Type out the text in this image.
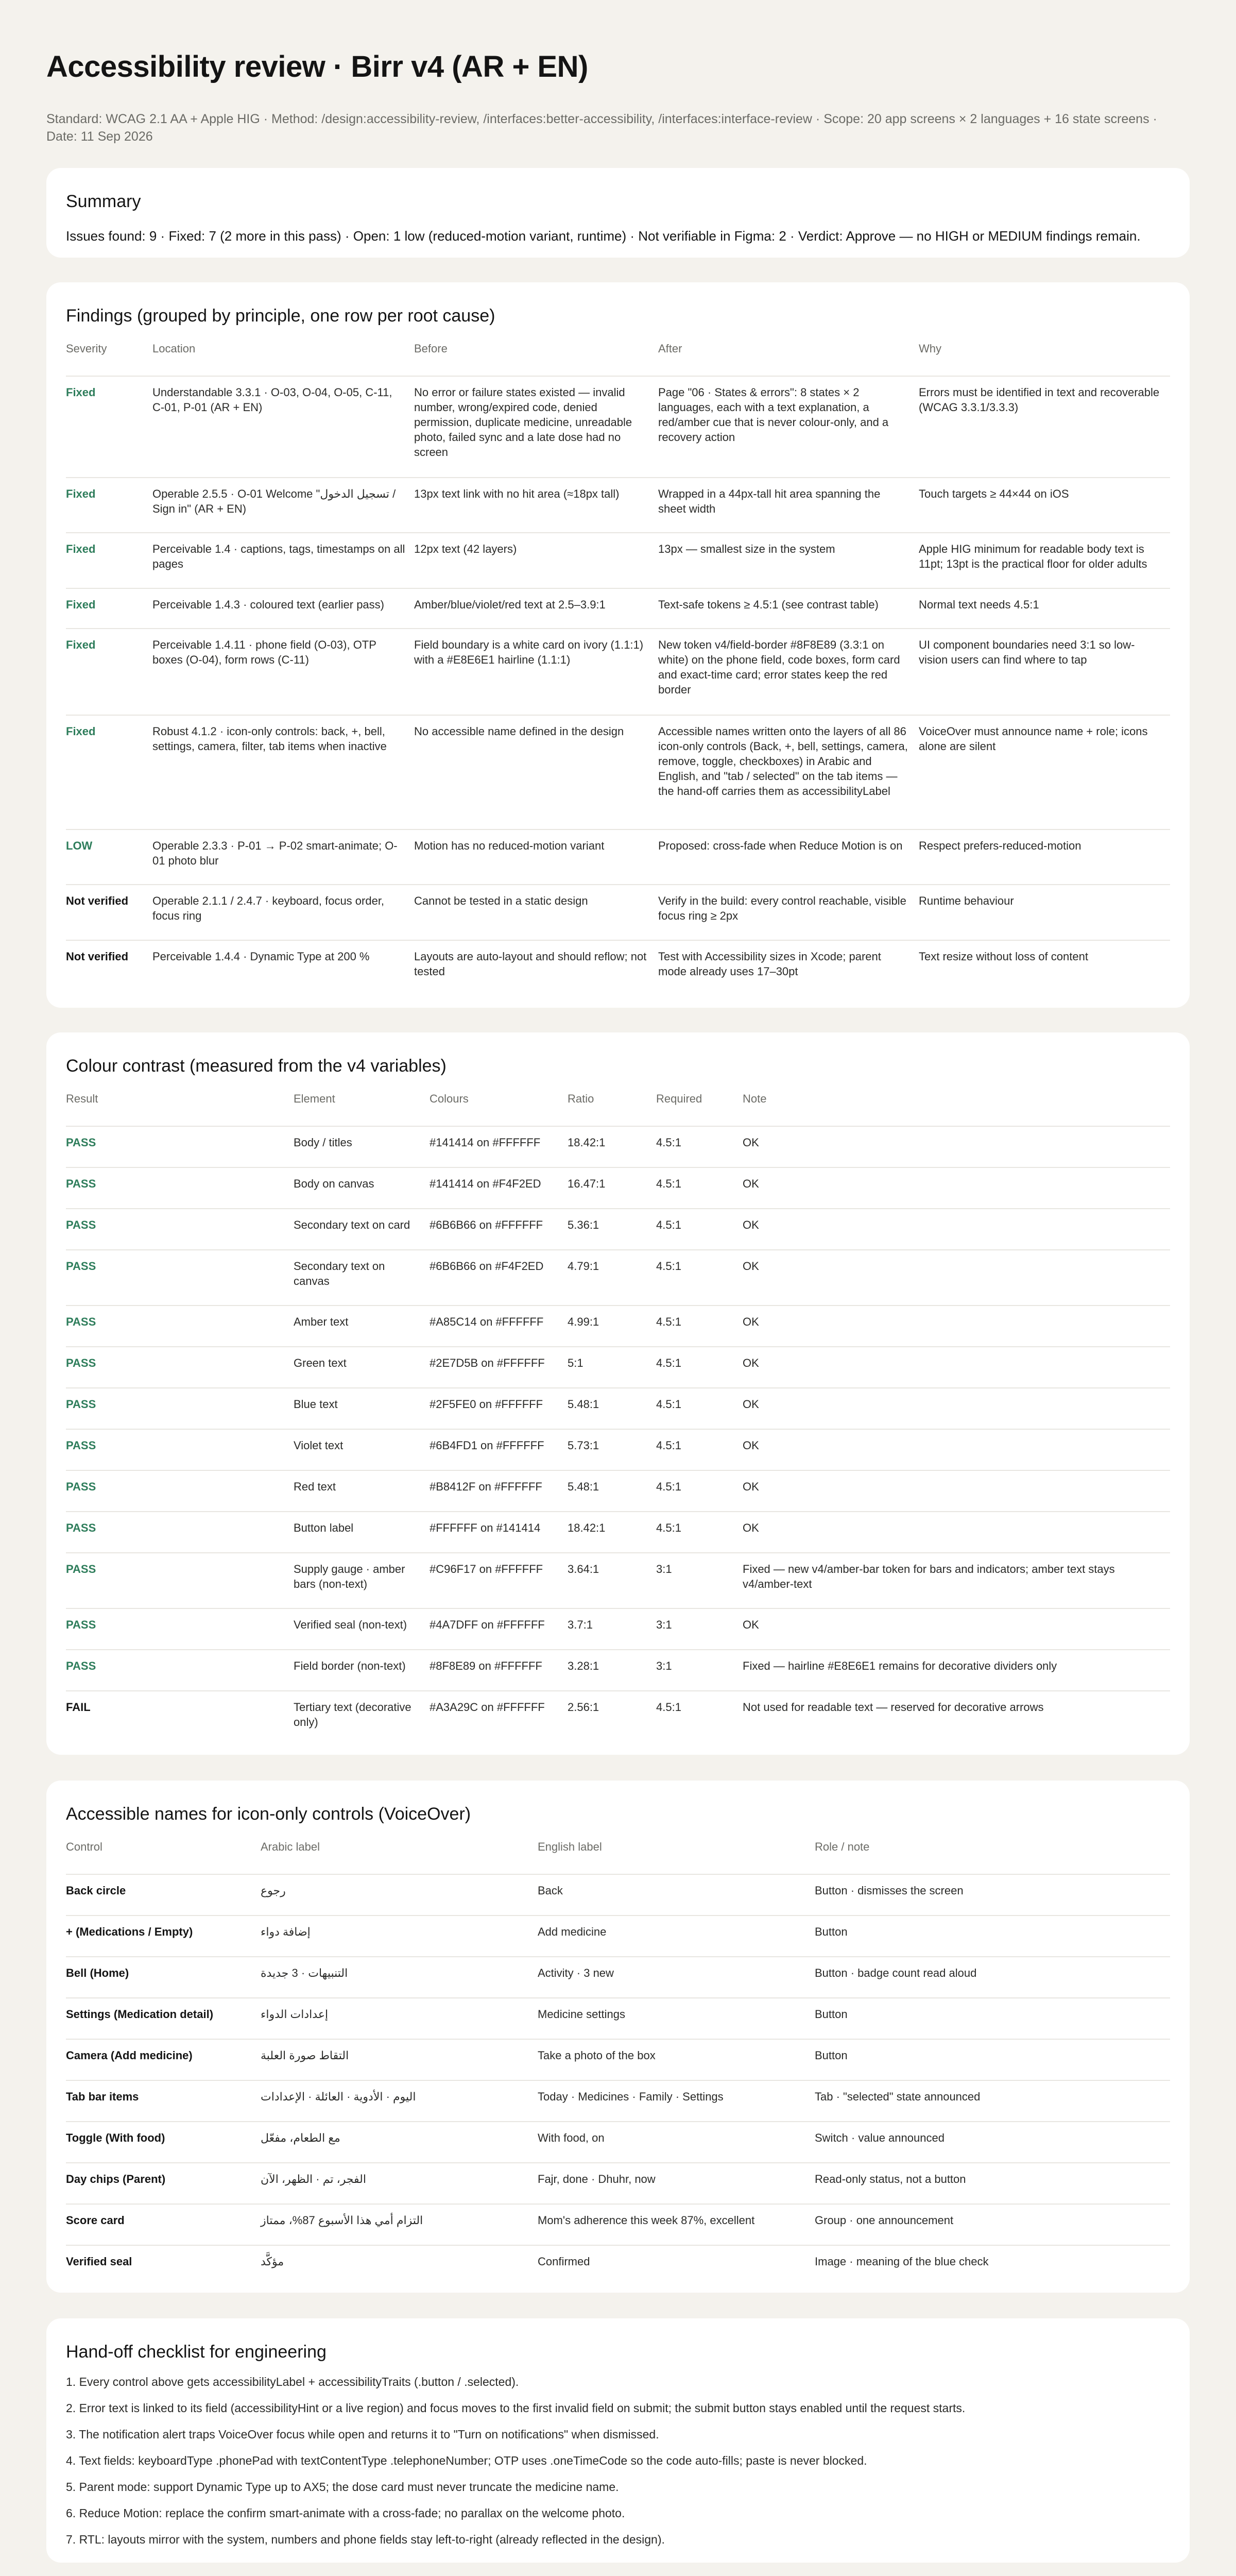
Accessibility review · Birr v4 (AR + EN)
Standard: WCAG 2.1 AA + Apple HIG · Method: /design:accessibility-review, /interfaces:better-accessibility, /interfaces:interface-review · Scope: 20 app screens × 2 languages + 16 state screens · Date: 11 Sep 2026
Summary
Issues found: 9 · Fixed: 7 (2 more in this pass) · Open: 1 low (reduced-motion variant, runtime) · Not verifiable in Figma: 2 · Verdict: Approve — no HIGH or MEDIUM findings remain.
Findings (grouped by principle, one row per root cause)
Severity	Location	Before	After	Why
Fixed	Understandable 3.3.1 · O-03, O-04, O-05, C-11, C-01, P-01 (AR + EN)	No error or failure states existed — invalid number, wrong/expired code, denied permission, duplicate medicine, unreadable photo, failed sync and a late dose had no screen	Page "06 · States & errors": 8 states × 2 languages, each with a text explanation, a red/amber cue that is never colour-only, and a recovery action	Errors must be identified in text and recoverable (WCAG 3.3.1/3.3.3)
Fixed	Operable 2.5.5 · O-01 Welcome "تسجيل الدخول / Sign in" (AR + EN)	13px text link with no hit area (≈18px tall)	Wrapped in a 44px-tall hit area spanning the sheet width	Touch targets ≥ 44×44 on iOS
Fixed	Perceivable 1.4 · captions, tags, timestamps on all pages	12px text (42 layers)	13px — smallest size in the system	Apple HIG minimum for readable body text is 11pt; 13pt is the practical floor for older adults
Fixed	Perceivable 1.4.3 · coloured text (earlier pass)	Amber/blue/violet/red text at 2.5–3.9:1	Text-safe tokens ≥ 4.5:1 (see contrast table)	Normal text needs 4.5:1
Fixed	Perceivable 1.4.11 · phone field (O-03), OTP boxes (O-04), form rows (C-11)	Field boundary is a white card on ivory (1.1:1) with a #E8E6E1 hairline (1.1:1)	New token v4/field-border #8F8E89 (3.3:1 on white) on the phone field, code boxes, form card and exact-time card; error states keep the red border	UI component boundaries need 3:1 so low-vision users can find where to tap
Fixed	Robust 4.1.2 · icon-only controls: back, +, bell, settings, camera, filter, tab items when inactive	No accessible name defined in the design	Accessible names written onto the layers of all 86 icon-only controls (Back, +, bell, settings, camera, remove, toggle, checkboxes) in Arabic and English, and "tab / selected" on the tab items — the hand-off carries them as accessibilityLabel	VoiceOver must announce name + role; icons alone are silent
LOW	Operable 2.3.3 · P-01 → P-02 smart-animate; O-01 photo blur	Motion has no reduced-motion variant	Proposed: cross-fade when Reduce Motion is on	Respect prefers-reduced-motion
Not verified	Operable 2.1.1 / 2.4.7 · keyboard, focus order, focus ring	Cannot be tested in a static design	Verify in the build: every control reachable, visible focus ring ≥ 2px	Runtime behaviour
Not verified	Perceivable 1.4.4 · Dynamic Type at 200 %	Layouts are auto-layout and should reflow; not tested	Test with Accessibility sizes in Xcode; parent mode already uses 17–30pt	Text resize without loss of content
Colour contrast (measured from the v4 variables)
Result	Element	Colours	Ratio	Required	Note
PASS	Body / titles	#141414 on #FFFFFF	18.42:1	4.5:1	OK
PASS	Body on canvas	#141414 on #F4F2ED	16.47:1	4.5:1	OK
PASS	Secondary text on card	#6B6B66 on #FFFFFF	5.36:1	4.5:1	OK
PASS	Secondary text on canvas	#6B6B66 on #F4F2ED	4.79:1	4.5:1	OK
PASS	Amber text	#A85C14 on #FFFFFF	4.99:1	4.5:1	OK
PASS	Green text	#2E7D5B on #FFFFFF	5:1	4.5:1	OK
PASS	Blue text	#2F5FE0 on #FFFFFF	5.48:1	4.5:1	OK
PASS	Violet text	#6B4FD1 on #FFFFFF	5.73:1	4.5:1	OK
PASS	Red text	#B8412F on #FFFFFF	5.48:1	4.5:1	OK
PASS	Button label	#FFFFFF on #141414	18.42:1	4.5:1	OK
PASS	Supply gauge · amber bars (non-text)	#C96F17 on #FFFFFF	3.64:1	3:1	Fixed — new v4/amber-bar token for bars and indicators; amber text stays v4/amber-text
PASS	Verified seal (non-text)	#4A7DFF on #FFFFFF	3.7:1	3:1	OK
PASS	Field border (non-text)	#8F8E89 on #FFFFFF	3.28:1	3:1	Fixed — hairline #E8E6E1 remains for decorative dividers only
FAIL	Tertiary text (decorative only)	#A3A29C on #FFFFFF	2.56:1	4.5:1	Not used for readable text — reserved for decorative arrows
Accessible names for icon-only controls (VoiceOver)
Control	Arabic label	English label	Role / note
Back circle	رجوع	Back	Button · dismisses the screen
+ (Medications / Empty)	إضافة دواء	Add medicine	Button
Bell (Home)	التنبيهات · 3 جديدة	Activity · 3 new	Button · badge count read aloud
Settings (Medication detail)	إعدادات الدواء	Medicine settings	Button
Camera (Add medicine)	التقاط صورة العلبة	Take a photo of the box	Button
Tab bar items	اليوم · الأدوية · العائلة · الإعدادات	Today · Medicines · Family · Settings	Tab · "selected" state announced
Toggle (With food)	مع الطعام، مفعّل	With food, on	Switch · value announced
Day chips (Parent)	الفجر، تم · الظهر، الآن	Fajr, done · Dhuhr, now	Read-only status, not a button
Score card	التزام أمي هذا الأسبوع 87%، ممتاز	Mom's adherence this week 87%, excellent	Group · one announcement
Verified seal	مؤكَّد	Confirmed	Image · meaning of the blue check
Hand-off checklist for engineering
1. Every control above gets accessibilityLabel + accessibilityTraits (.button / .selected).
2. Error text is linked to its field (accessibilityHint or a live region) and focus moves to the first invalid field on submit; the submit button stays enabled until the request starts.
3. The notification alert traps VoiceOver focus while open and returns it to "Turn on notifications" when dismissed.
4. Text fields: keyboardType .phonePad with textContentType .telephoneNumber; OTP uses .oneTimeCode so the code auto-fills; paste is never blocked.
5. Parent mode: support Dynamic Type up to AX5; the dose card must never truncate the medicine name.
6. Reduce Motion: replace the confirm smart-animate with a cross-fade; no parallax on the welcome photo.
7. RTL: layouts mirror with the system, numbers and phone fields stay left-to-right (already reflected in the design).
